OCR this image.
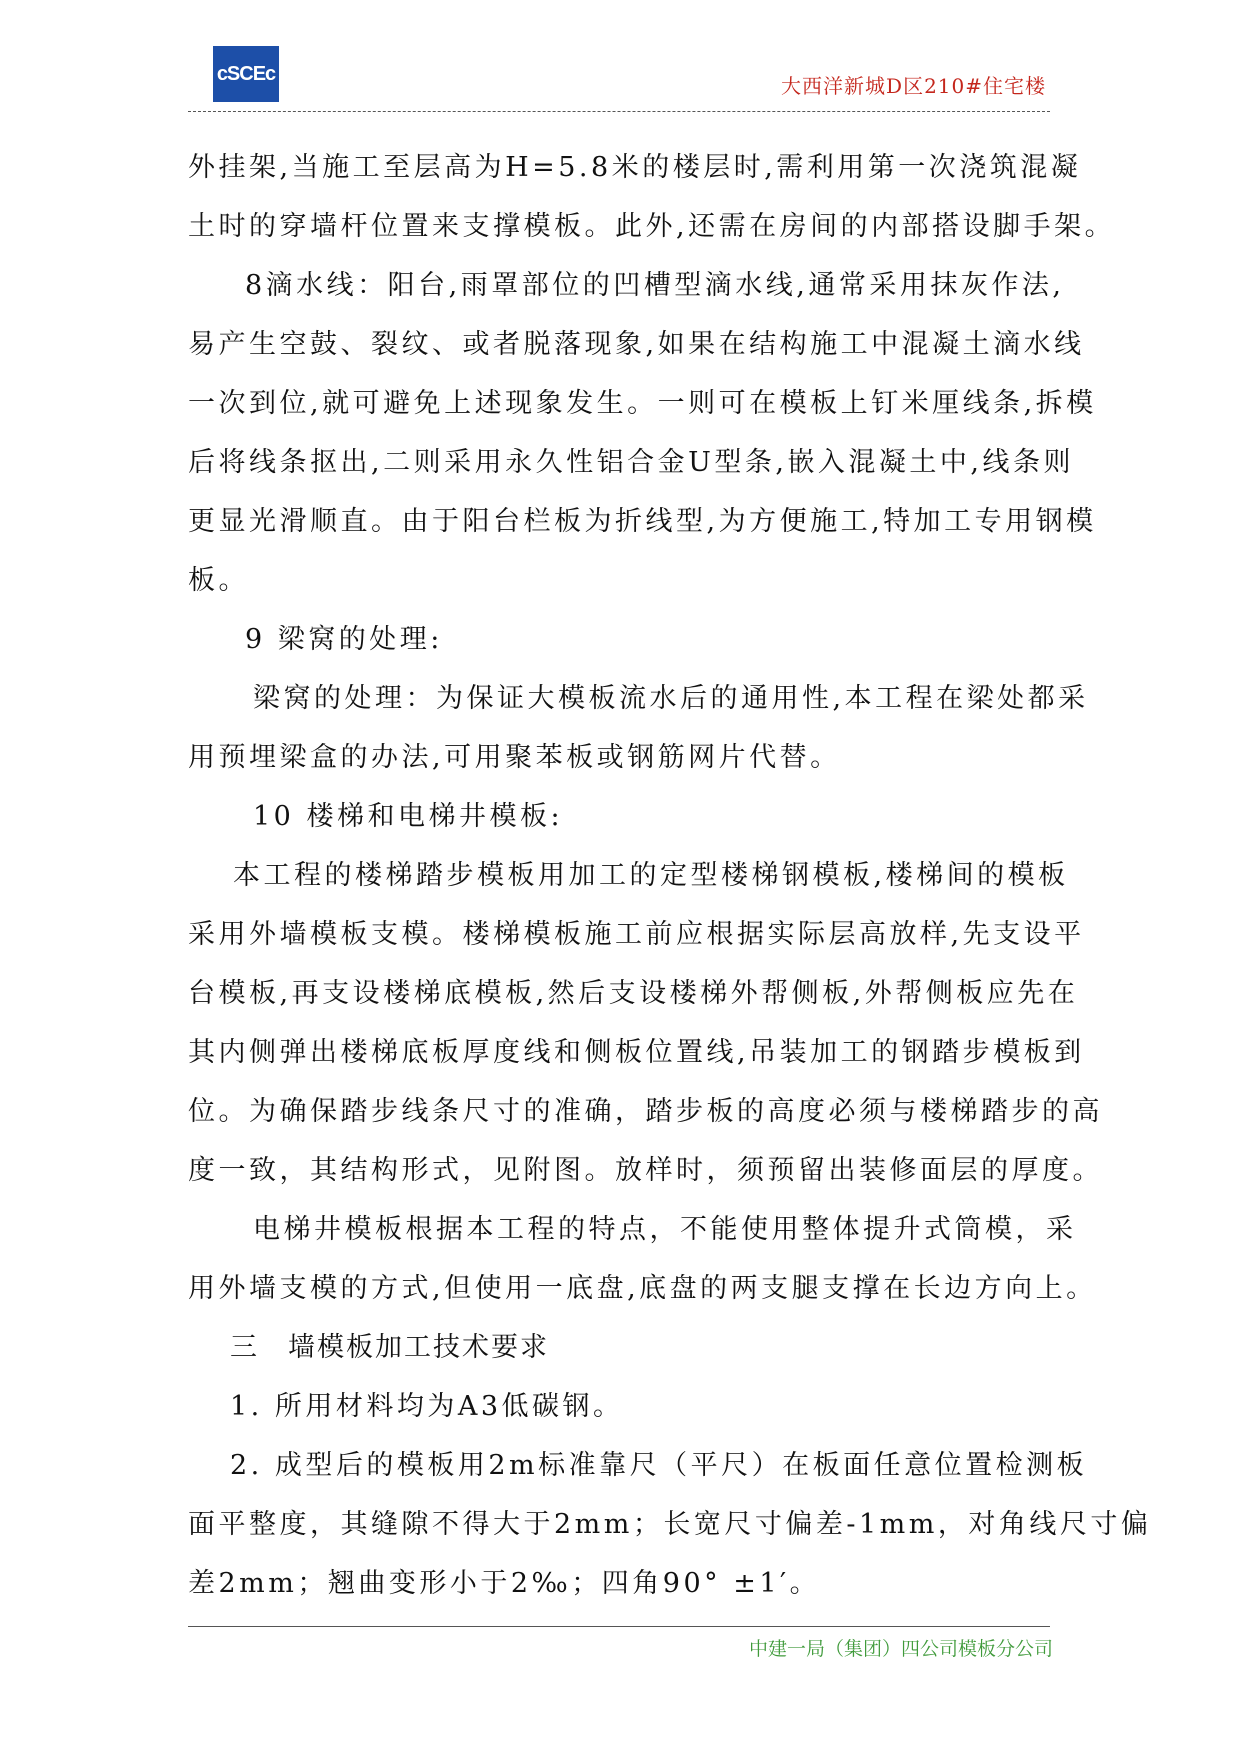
cSCEc	大西洋新城D区210#住宅楼

外挂架,当施工至层高为H=5.8米的楼层时,需利用第一次浇筑混凝

土时的穿墙杆位置来支撑模板。此外,还需在房间的内部搭设脚手架。

8滴水线：阳台,雨罩部位的凹槽型滴水线,通常采用抹灰作法,

易产生空鼓、裂纹、或者脱落现象,如果在结构施工中混凝土滴水线

一次到位,就可避免上述现象发生。一则可在模板上钉米厘线条,拆模

后将线条抠出,二则采用永久性铝合金U型条,嵌入混凝土中,线条则

更显光滑顺直。由于阳台栏板为折线型,为方便施工,特加工专用钢模

板。

9 梁窝的处理:

梁窝的处理：为保证大模板流水后的通用性,本工程在梁处都采

用预埋梁盒的办法,可用聚苯板或钢筋网片代替。

10 楼梯和电梯井模板:

本工程的楼梯踏步模板用加工的定型楼梯钢模板,楼梯间的模板

采用外墙模板支模。楼梯模板施工前应根据实际层高放样,先支设平

台模板,再支设楼梯底模板,然后支设楼梯外帮侧板,外帮侧板应先在

其内侧弹出楼梯底板厚度线和侧板位置线,吊装加工的钢踏步模板到

位。为确保踏步线条尺寸的准确，踏步板的高度必须与楼梯踏步的高

度一致，其结构形式，见附图。放样时，须预留出装修面层的厚度。

电梯井模板根据本工程的特点，不能使用整体提升式筒模，采

用外墙支模的方式,但使用一底盘,底盘的两支腿支撑在长边方向上。

三　墙模板加工技术要求

1. 所用材料均为A3低碳钢。

2. 成型后的模板用2m标准靠尺（平尺）在板面任意位置检测板

面平整度，其缝隙不得大于2mm；长宽尺寸偏差-1mm，对角线尺寸偏

差2mm；翘曲变形小于2‰；四角90° ±1′。

中建一局（集团）四公司模板分公司
